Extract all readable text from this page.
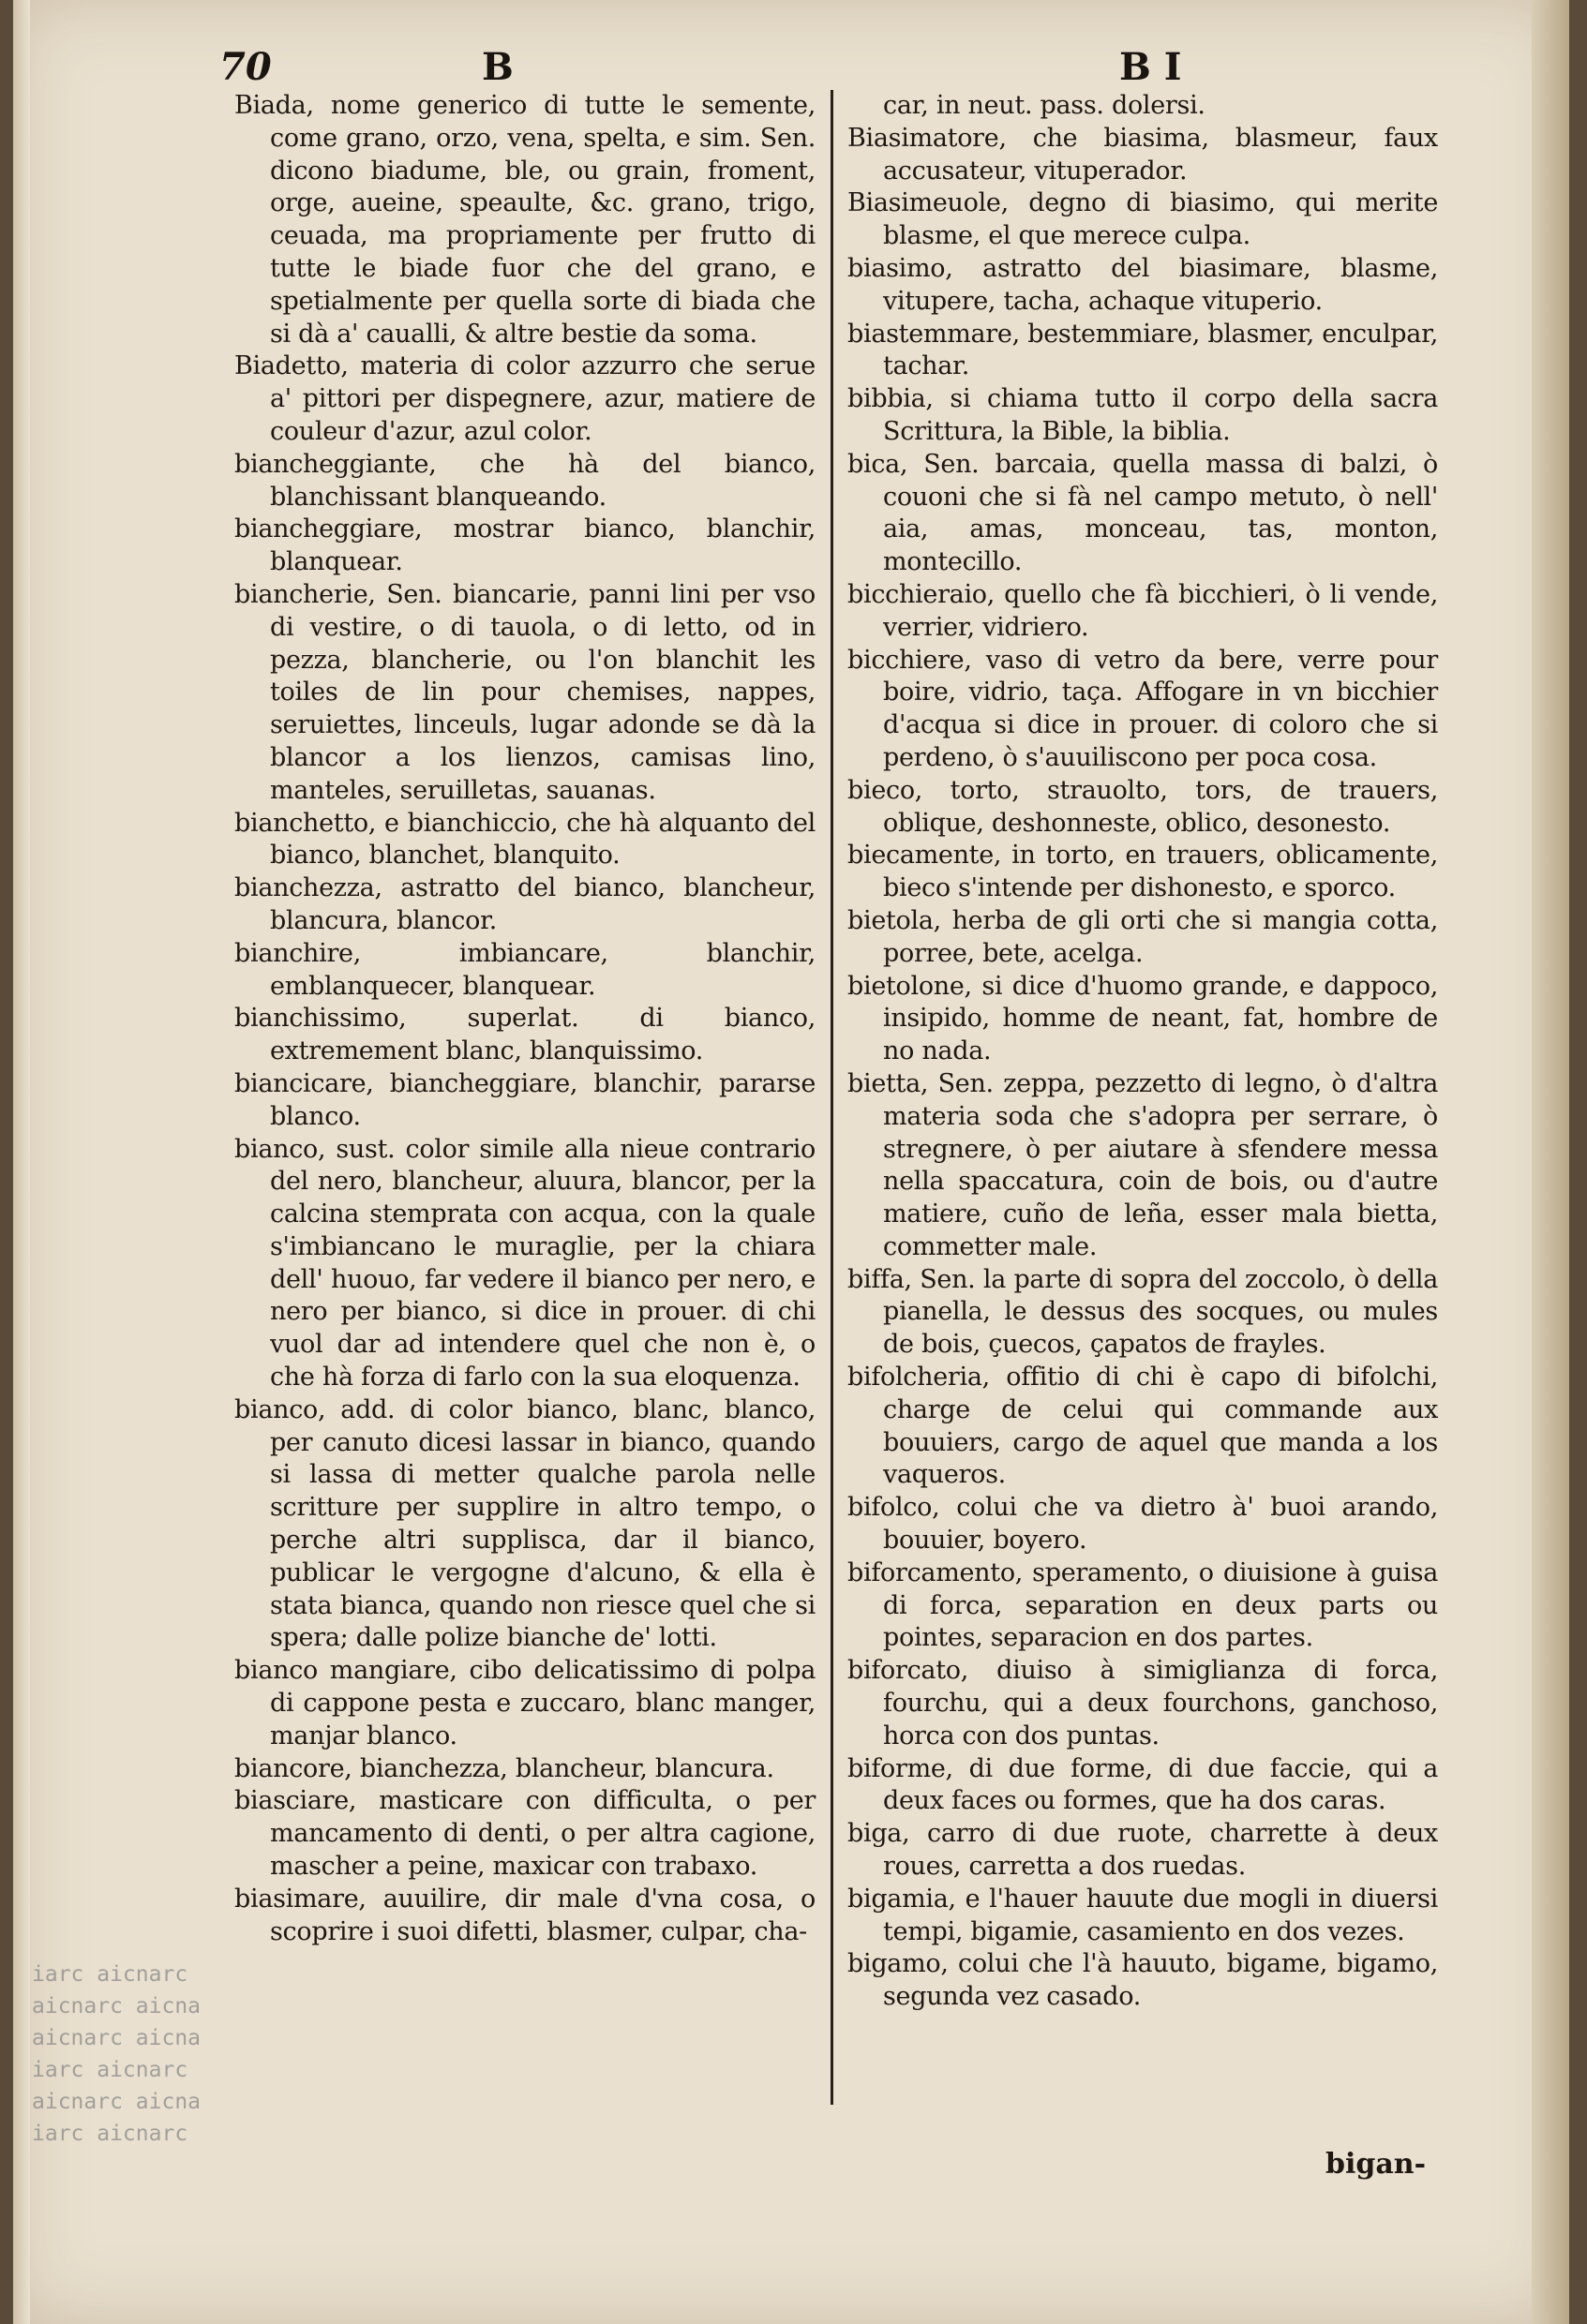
70	B	B I

Biada, nome generico di tutte le semente, come grano, orzo, vena, spelta, e sim. Sen. dicono biadume, ble, ou grain, froment, orge, aueine, speaulte, &c. grano, trigo, ceuada, ma propriamente per frutto di tutte le biade fuor che del grano, e spetialmente per quella sorte di biada che si dà a' caualli, & altre bestie da soma.

Biadetto, materia di color azzurro che serue a' pittori per dispegnere, azur, matiere de couleur d'azur, azul color.

biancheggiante, che hà del bianco, blanchissant blanqueando.

biancheggiare, mostrar bianco, blanchir, blanquear.

biancherie, Sen. biancarie, panni lini per vso di vestire, o di tauola, o di letto, od in pezza, blancherie, ou l'on blanchit les toiles de lin pour chemises, nappes, seruiettes, linceuls, lugar adonde se dà la blancor a los lienzos, camisas lino, manteles, seruilletas, sauanas.

bianchetto, e bianchiccio, che hà alquanto del bianco, blanchet, blanquito.

bianchezza, astratto del bianco, blancheur, blancura, blancor.

bianchire, imbiancare, blanchir, emblanquecer, blanquear.

bianchissimo, superlat. di bianco, extremement blanc, blanquissimo.

biancicare, biancheggiare, blanchir, pararse blanco.

bianco, sust. color simile alla nieue contrario del nero, blancheur, aluura, blancor, per la calcina stemprata con acqua, con la quale s'imbiancano le muraglie, per la chiara dell' huouo, far vedere il bianco per nero, e nero per bianco, si dice in prouer. di chi vuol dar ad intendere quel che non è, o che hà forza di farlo con la sua eloquenza.

bianco, add. di color bianco, blanc, blanco, per canuto dicesi lassar in bianco, quando si lassa di metter qualche parola nelle scritture per supplire in altro tempo, o perche altri supplisca, dar il bianco, publicar le vergogne d'alcuno, & ella è stata bianca, quando non riesce quel che si spera; dalle polize bianche de' lotti.

bianco mangiare, cibo delicatissimo di polpa di cappone pesta e zuccaro, blanc manger, manjar blanco.

biancore, bianchezza, blancheur, blancura.

biasciare, masticare con difficulta, o per mancamento di denti, o per altra cagione, mascher a peine, maxicar con trabaxo.

biasimare, auuilire, dir male d'vna cosa, o scoprire i suoi difetti, blasmer, culpar, cha-

car, in neut. pass. dolersi.

Biasimatore, che biasima, blasmeur, faux accusateur, vituperador.

Biasimeuole, degno di biasimo, qui merite blasme, el que merece culpa.

biasimo, astratto del biasimare, blasme, vitupere, tacha, achaque vituperio.

biastemmare, bestemmiare, blasmer, enculpar, tachar.

bibbia, si chiama tutto il corpo della sacra Scrittura, la Bible, la biblia.

bica, Sen. barcaia, quella massa di balzi, ò couoni che si fà nel campo metuto, ò nell' aia, amas, monceau, tas, monton, montecillo.

bicchieraio, quello che fà bicchieri, ò li vende, verrier, vidriero.

bicchiere, vaso di vetro da bere, verre pour boire, vidrio, taça. Affogare in vn bicchier d'acqua si dice in prouer. di coloro che si perdeno, ò s'auuiliscono per poca cosa.

bieco, torto, strauolto, tors, de trauers, oblique, deshonneste, oblico, desonesto.

biecamente, in torto, en trauers, oblicamente, bieco s'intende per dishonesto, e sporco.

bietola, herba de gli orti che si mangia cotta, porree, bete, acelga.

bietolone, si dice d'huomo grande, e dappoco, insipido, homme de neant, fat, hombre de no nada.

bietta, Sen. zeppa, pezzetto di legno, ò d'altra materia soda che s'adopra per serrare, ò stregnere, ò per aiutare à sfendere messa nella spaccatura, coin de bois, ou d'autre matiere, cuño de leña, esser mala bietta, commetter male.

biffa, Sen. la parte di sopra del zoccolo, ò della pianella, le dessus des socques, ou mules de bois, çuecos, çapatos de frayles.

bifolcheria, offitio di chi è capo di bifolchi, charge de celui qui commande aux bouuiers, cargo de aquel que manda a los vaqueros.

bifolco, colui che va dietro à' buoi arando, bouuier, boyero.

biforcamento, speramento, o diuisione à guisa di forca, separation en deux parts ou pointes, separacion en dos partes.

biforcato, diuiso à simiglianza di forca, fourchu, qui a deux fourchons, ganchoso, horca con dos puntas.

biforme, di due forme, di due faccie, qui a deux faces ou formes, que ha dos caras.

biga, carro di due ruote, charrette à deux roues, carretta a dos ruedas.

bigamia, e l'hauer hauute due mogli in diuersi tempi, bigamie, casamiento en dos vezes.

bigamo, colui che l'à hauuto, bigame, bigamo, segunda vez casado.

iarc aicnarc
aicnarc aicna
aicnarc aicna
iarc aicnarc
aicnarc aicna
iarc aicnarc
bigan-
